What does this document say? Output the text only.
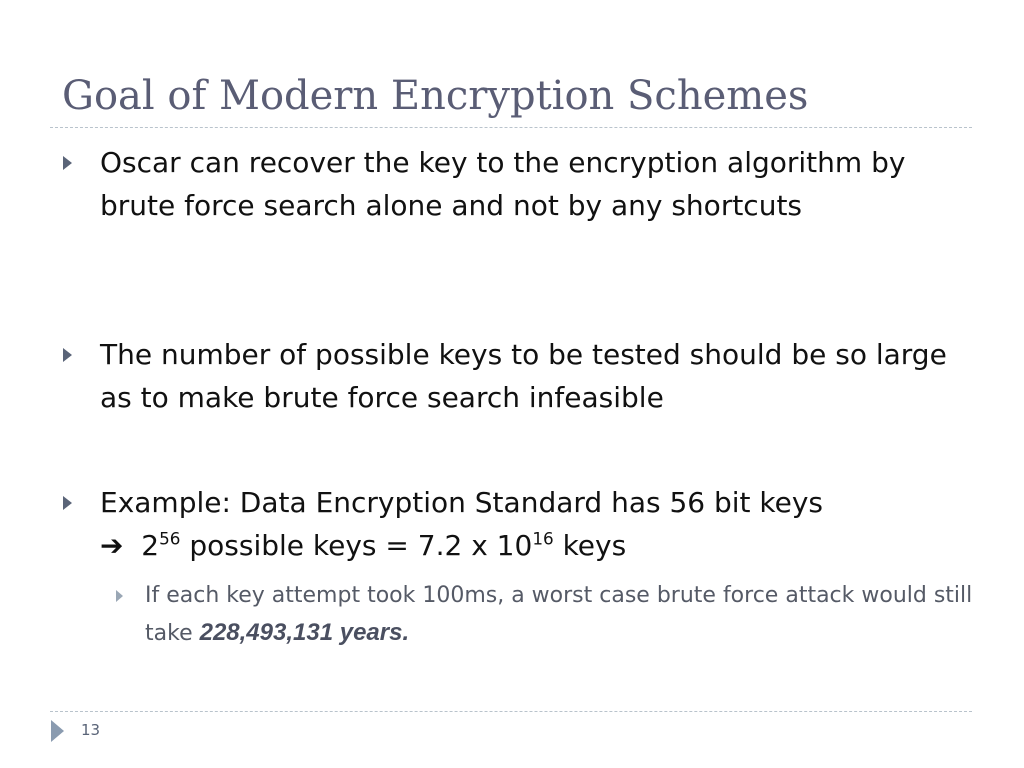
Goal of Modern Encryption Schemes
Oscar can recover the key to the encryption algorithm by brute force search alone and not by any shortcuts
The number of possible keys to be tested should be so large as to make brute force search infeasible
Example: Data Encryption Standard has 56 bit keys
➔ $2^{56}$ possible keys = 7.2 x $10^{16}$ keys
If each key attempt took 100ms, a worst case brute force attack would still take 228,493,131 years.
13
